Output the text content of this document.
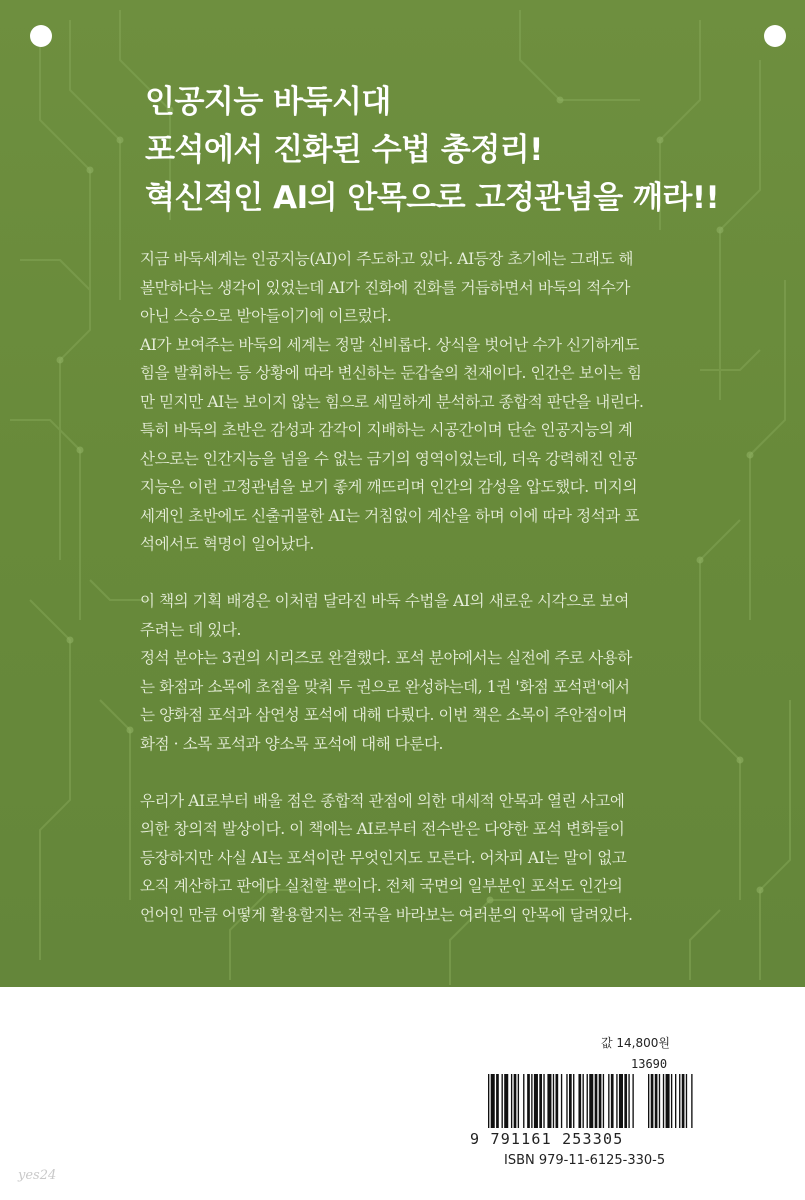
인공지능 바둑시대
포석에서 진화된 수법 총정리!
혁신적인 AI의 안목으로 고정관념을 깨라!!
지금 바둑세계는 인공지능(AI)이 주도하고 있다. AI등장 초기에는 그래도 해
볼만하다는 생각이 있었는데 AI가 진화에 진화를 거듭하면서 바둑의 적수가
아닌 스승으로 받아들이기에 이르렀다.
AI가 보여주는 바둑의 세계는 정말 신비롭다. 상식을 벗어난 수가 신기하게도
힘을 발휘하는 등 상황에 따라 변신하는 둔갑술의 천재이다. 인간은 보이는 힘
만 믿지만 AI는 보이지 않는 힘으로 세밀하게 분석하고 종합적 판단을 내린다.
특히 바둑의 초반은 감성과 감각이 지배하는 시공간이며 단순 인공지능의 계
산으로는 인간지능을 넘을 수 없는 금기의 영역이었는데, 더욱 강력해진 인공
지능은 이런 고정관념을 보기 좋게 깨뜨리며 인간의 감성을 압도했다. 미지의
세계인 초반에도 신출귀몰한 AI는 거침없이 계산을 하며 이에 따라 정석과 포
석에서도 혁명이 일어났다.
이 책의 기획 배경은 이처럼 달라진 바둑 수법을 AI의 새로운 시각으로 보여
주려는 데 있다.
정석 분야는 3권의 시리즈로 완결했다. 포석 분야에서는 실전에 주로 사용하
는 화점과 소목에 초점을 맞춰 두 권으로 완성하는데, 1권 '화점 포석편'에서
는 양화점 포석과 삼연성 포석에 대해 다뤘다. 이번 책은 소목이 주안점이며
화점 · 소목 포석과 양소목 포석에 대해 다룬다.
우리가 AI로부터 배울 점은 종합적 관점에 의한 대세적 안목과 열린 사고에
의한 창의적 발상이다. 이 책에는 AI로부터 전수받은 다양한 포석 변화들이
등장하지만 사실 AI는 포석이란 무엇인지도 모른다. 어차피 AI는 말이 없고
오직 계산하고 판에다 실천할 뿐이다. 전체 국면의 일부분인 포석도 인간의
언어인 만큼 어떻게 활용할지는 전국을 바라보는 여러분의 안목에 달려있다.
값 14,800원
13690
9 791161 253305
ISBN 979-11-6125-330-5
yes24
